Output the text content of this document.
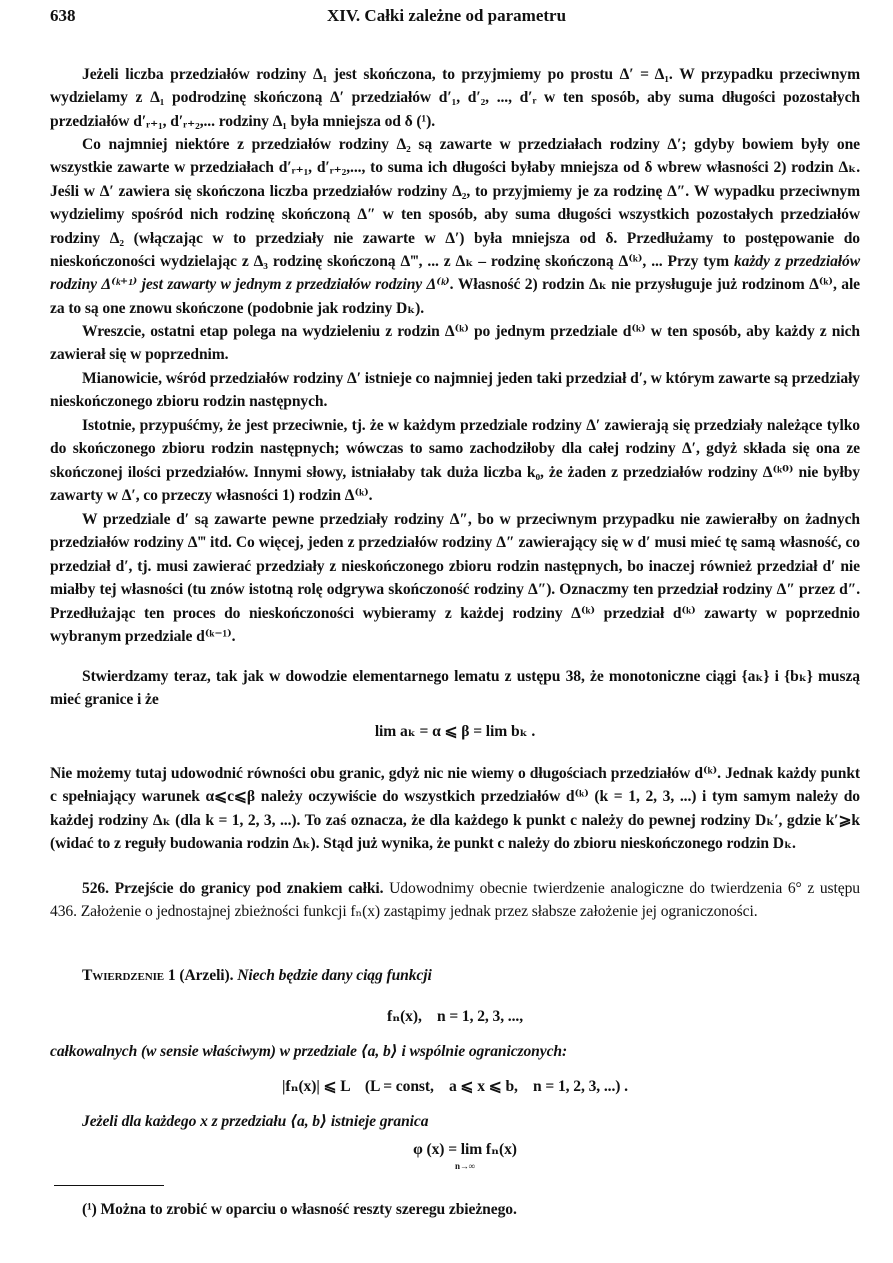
638	XIV. Całki zależne od parametru

Jeżeli liczba przedziałów rodziny Δ₁ jest skończona, to przyjmiemy po prostu Δ′ = Δ₁. W przypadku przeciwnym wydzielamy z Δ₁ podrodzinę skończoną Δ′ przedziałów d′₁, d′₂, ..., d′ᵣ w ten sposób, aby suma długości pozostałych przedziałów d′ᵣ₊₁, d′ᵣ₊₂,... rodziny Δ₁ była mniejsza od δ (¹).

Co najmniej niektóre z przedziałów rodziny Δ₂ są zawarte w przedziałach rodziny Δ′; gdyby bowiem były one wszystkie zawarte w przedziałach d′ᵣ₊₁, d′ᵣ₊₂,..., to suma ich długości byłaby mniejsza od δ wbrew własności 2) rodzin Δₖ. Jeśli w Δ′ zawiera się skończona liczba przedziałów rodziny Δ₂, to przyjmiemy je za rodzinę Δ″. W wypadku przeciwnym wydzielimy spośród nich rodzinę skończoną Δ″ w ten sposób, aby suma długości wszystkich pozostałych przedziałów rodziny Δ₂ (włączając w to przedziały nie zawarte w Δ′) była mniejsza od δ. Przedłużamy to postępowanie do nieskończoności wydzielając z Δ₃ rodzinę skończoną Δ‴, ... z Δₖ – rodzinę skończoną Δ⁽ᵏ⁾, ... Przy tym każdy z przedziałów rodziny Δ⁽ᵏ⁺¹⁾ jest zawarty w jednym z przedziałów rodziny Δ⁽ᵏ⁾. Własność 2) rodzin Δₖ nie przysługuje już rodzinom Δ⁽ᵏ⁾, ale za to są one znowu skończone (podobnie jak rodziny Dₖ).

Wreszcie, ostatni etap polega na wydzieleniu z rodzin Δ⁽ᵏ⁾ po jednym przedziale d⁽ᵏ⁾ w ten sposób, aby każdy z nich zawierał się w poprzednim.

Mianowicie, wśród przedziałów rodziny Δ′ istnieje co najmniej jeden taki przedział d′, w którym zawarte są przedziały nieskończonego zbioru rodzin następnych.

Istotnie, przypuśćmy, że jest przeciwnie, tj. że w każdym przedziale rodziny Δ′ zawierają się przedziały należące tylko do skończonego zbioru rodzin następnych; wówczas to samo zachodziłoby dla całej rodziny Δ′, gdyż składa się ona ze skończonej ilości przedziałów. Innymi słowy, istniałaby tak duża liczba k₀, że żaden z przedziałów rodziny Δ⁽ᵏ⁰⁾ nie byłby zawarty w Δ′, co przeczy własności 1) rodzin Δ⁽ᵏ⁾.

W przedziale d′ są zawarte pewne przedziały rodziny Δ″, bo w przeciwnym przypadku nie zawierałby on żadnych przedziałów rodziny Δ‴ itd. Co więcej, jeden z przedziałów rodziny Δ″ zawierający się w d′ musi mieć tę samą własność, co przedział d′, tj. musi zawierać przedziały z nieskończonego zbioru rodzin następnych, bo inaczej również przedział d′ nie miałby tej własności (tu znów istotną rolę odgrywa skończoność rodziny Δ″). Oznaczmy ten przedział rodziny Δ″ przez d″. Przedłużając ten proces do nieskończoności wybieramy z każdej rodziny Δ⁽ᵏ⁾ przedział d⁽ᵏ⁾ zawarty w poprzednio wybranym przedziale d⁽ᵏ⁻¹⁾.

Stwierdzamy teraz, tak jak w dowodzie elementarnego lematu z ustępu 38, że monotoniczne ciągi {aₖ} i {bₖ} muszą mieć granice i że

lim aₖ = α ⩽ β = lim bₖ .

Nie możemy tutaj udowodnić równości obu granic, gdyż nic nie wiemy o długościach przedziałów d⁽ᵏ⁾. Jednak każdy punkt c spełniający warunek α⩽c⩽β należy oczywiście do wszystkich przedziałów d⁽ᵏ⁾ (k = 1, 2, 3, ...) i tym samym należy do każdej rodziny Δₖ (dla k = 1, 2, 3, ...). To zaś oznacza, że dla każdego k punkt c należy do pewnej rodziny Dₖ′, gdzie k′⩾k (widać to z reguły budowania rodzin Δₖ). Stąd już wynika, że punkt c należy do zbioru nieskończonego rodzin Dₖ.

526. Przejście do granicy pod znakiem całki. Udowodnimy obecnie twierdzenie analogiczne do twierdzenia 6° z ustępu 436. Założenie o jednostajnej zbieżności funkcji fₙ(x) zastąpimy jednak przez słabsze założenie jej ograniczoności.

Twierdzenie 1 (Arzeli). Niech będzie dany ciąg funkcji

fₙ(x),    n = 1, 2, 3, ...,

całkowalnych (w sensie właściwym) w przedziale ⟨a, b⟩ i wspólnie ograniczonych:

|fₙ(x)| ⩽ L    (L = const,    a ⩽ x ⩽ b,    n = 1, 2, 3, ...) .

Jeżeli dla każdego x z przedziału ⟨a, b⟩ istnieje granica

φ (x) = lim fₙ(x)
n→∞

(¹) Można to zrobić w oparciu o własność reszty szeregu zbieżnego.
